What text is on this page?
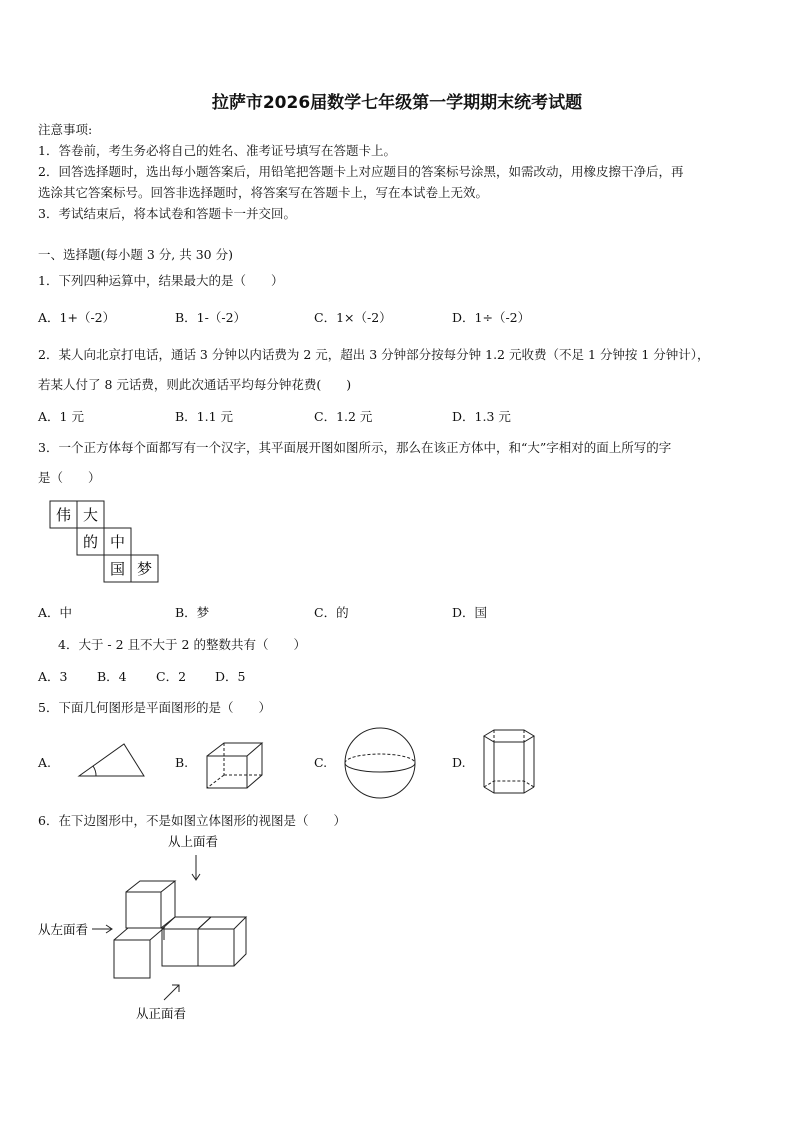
拉萨市2026届数学七年级第一学期期末统考试题
注意事项:
1．答卷前，考生务必将自己的姓名、准考证号填写在答题卡上。
2．回答选择题时，选出每小题答案后，用铅笔把答题卡上对应题目的答案标号涂黑，如需改动，用橡皮擦干净后，再
选涂其它答案标号。回答非选择题时，将答案写在答题卡上，写在本试卷上无效。
3．考试结束后，将本试卷和答题卡一并交回。
一、选择题(每小题 3 分, 共 30 分)
1．下列四种运算中，结果最大的是（　　）
A．1+（-2）	B．1-（-2）	C．1×（-2）	D．1÷（-2）
2．某人向北京打电话，通话 3 分钟以内话费为 2 元，超出 3 分钟部分按每分钟 1.2 元收费（不足 1 分钟按 1 分钟计），
若某人付了 8 元话费，则此次通话平均每分钟花费(　　)
A．1 元	B．1.1 元	C．1.2 元	D．1.3 元
3．一个正方体每个面都写有一个汉字，其平面展开图如图所示，那么在该正方体中，和“大”字相对的面上所写的字
是（　　）
伟 大
的 中
国 梦
A．中	B．梦	C．的	D．国
4．大于 - 2 且不大于 2 的整数共有（　　）
A．3 B．4 C．2 D．5
5．下面几何图形是平面图形的是（　　）
A.	B.	C.	D.
6．在下边图形中，不是如图立体图形的视图是（　　）
从上面看
从左面看
从正面看
